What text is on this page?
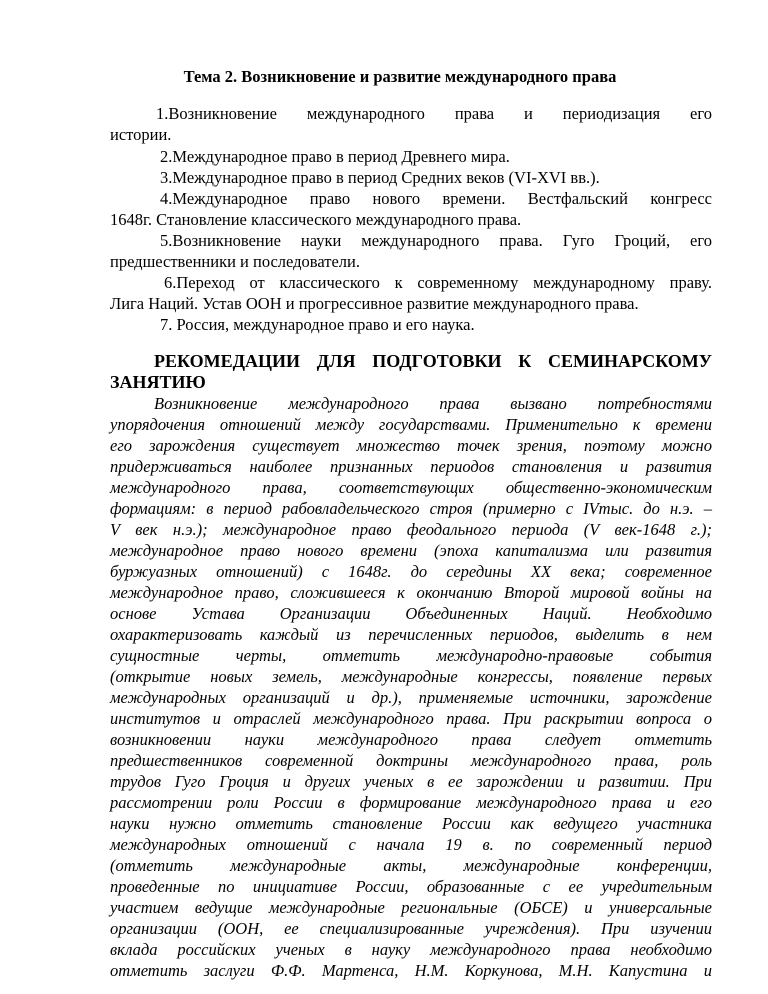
Тема 2. Возникновение и развитие международного права
1.Возникновение международного права и периодизация его
истории.
2.Международное право в период Древнего мира.
3.Международное право в период Средних веков (VI-XVI вв.).
4.Международное право нового времени. Вестфальский конгресс
1648г. Становление классического международного права.
5.Возникновение науки международного права. Гуго Гроций, его
предшественники и последователи.
6.Переход от классического к современному международному праву.
Лига Наций. Устав ООН и прогрессивное развитие международного права.
7. Россия, международное право и его наука.
РЕКОМЕДАЦИИ ДЛЯ ПОДГОТОВКИ К СЕМИНАРСКОМУ
ЗАНЯТИЮ
Возникновение международного права вызвано потребностями
упорядочения отношений между государствами. Применительно к времени
его зарождения существует множество точек зрения, поэтому можно
придерживаться наиболее признанных периодов становления и развития
международного права, соответствующих общественно-экономическим
формациям: в период рабовладельческого строя (примерно с IVтыс. до н.э. –
V век н.э.); международное право феодального периода (V век-1648 г.);
международное право нового времени (эпоха капитализма или развития
буржуазных отношений) с 1648г. до середины XX века; современное
международное право, сложившееся к окончанию Второй мировой войны на
основе Устава Организации Объединенных Наций. Необходимо
охарактеризовать каждый из перечисленных периодов, выделить в нем
сущностные черты, отметить международно-правовые события
(открытие новых земель, международные конгрессы, появление первых
международных организаций и др.), применяемые источники, зарождение
институтов и отраслей международного права. При раскрытии вопроса о
возникновении науки международного права следует отметить
предшественников современной доктрины международного права, роль
трудов Гуго Гроция и других ученых в ее зарождении и развитии. При
рассмотрении роли России в формирование международного права и его
науки нужно отметить становление России как ведущего участника
международных отношений с начала 19 в. по современный период
(отметить международные акты, международные конференции,
проведенные по инициативе России, образованные с ее учредительным
участием ведущие международные региональные (ОБСЕ) и универсальные
организации (ООН, ее специализированные учреждения). При изучении
вклада российских ученых в науку международного права необходимо
отметить заслуги Ф.Ф. Мартенса, Н.М. Коркунова, М.Н. Капустина и
